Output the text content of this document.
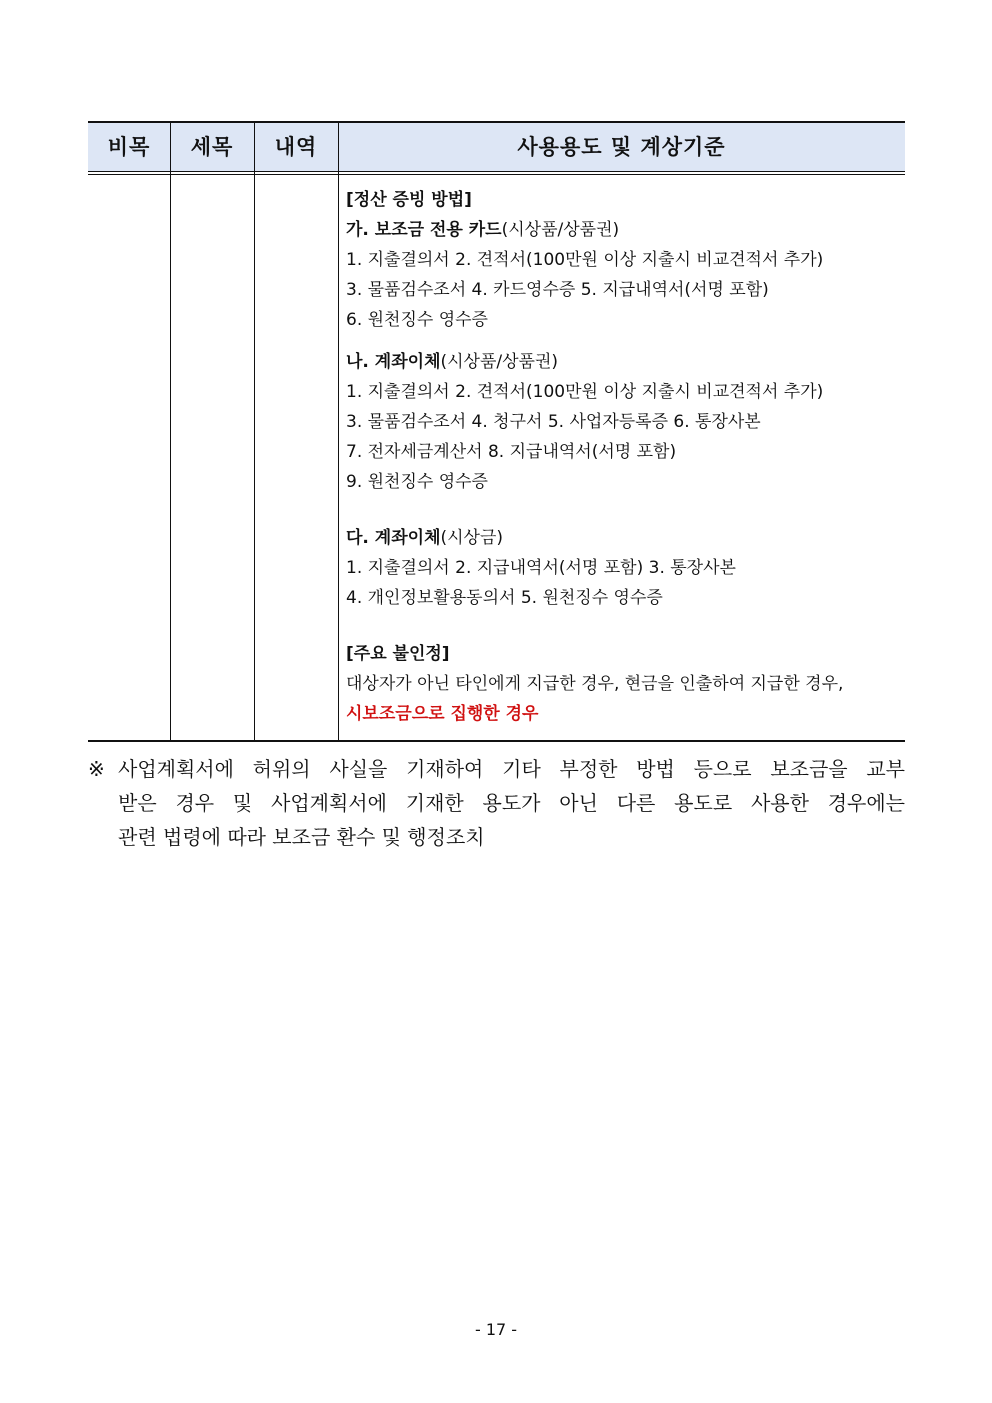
비목	세목	내역	사용용도 및 계상기준
[정산 증빙 방법]
가. 보조금 전용 카드(시상품/상품권)
1. 지출결의서 2. 견적서(100만원 이상 지출시 비교견적서 추가)
3. 물품검수조서 4. 카드영수증 5. 지급내역서(서명 포함)
6. 원천징수 영수증
나. 계좌이체(시상품/상품권)
1. 지출결의서 2. 견적서(100만원 이상 지출시 비교견적서 추가)
3. 물품검수조서 4. 청구서 5. 사업자등록증 6. 통장사본
7. 전자세금계산서 8. 지급내역서(서명 포함)
9. 원천징수 영수증
다. 계좌이체(시상금)
1. 지출결의서 2. 지급내역서(서명 포함) 3. 통장사본
4. 개인정보활용동의서 5. 원천징수 영수증
[주요 불인정]
대상자가 아닌 타인에게 지급한 경우, 현금을 인출하여 지급한 경우,
시보조금으로 집행한 경우
※ 사업계획서에 허위의 사실을 기재하여 기타 부정한 방법 등으로 보조금을 교부
받은 경우 및 사업계획서에 기재한 용도가 아닌 다른 용도로 사용한 경우에는
관련 법령에 따라 보조금 환수 및 행정조치
- 17 -
